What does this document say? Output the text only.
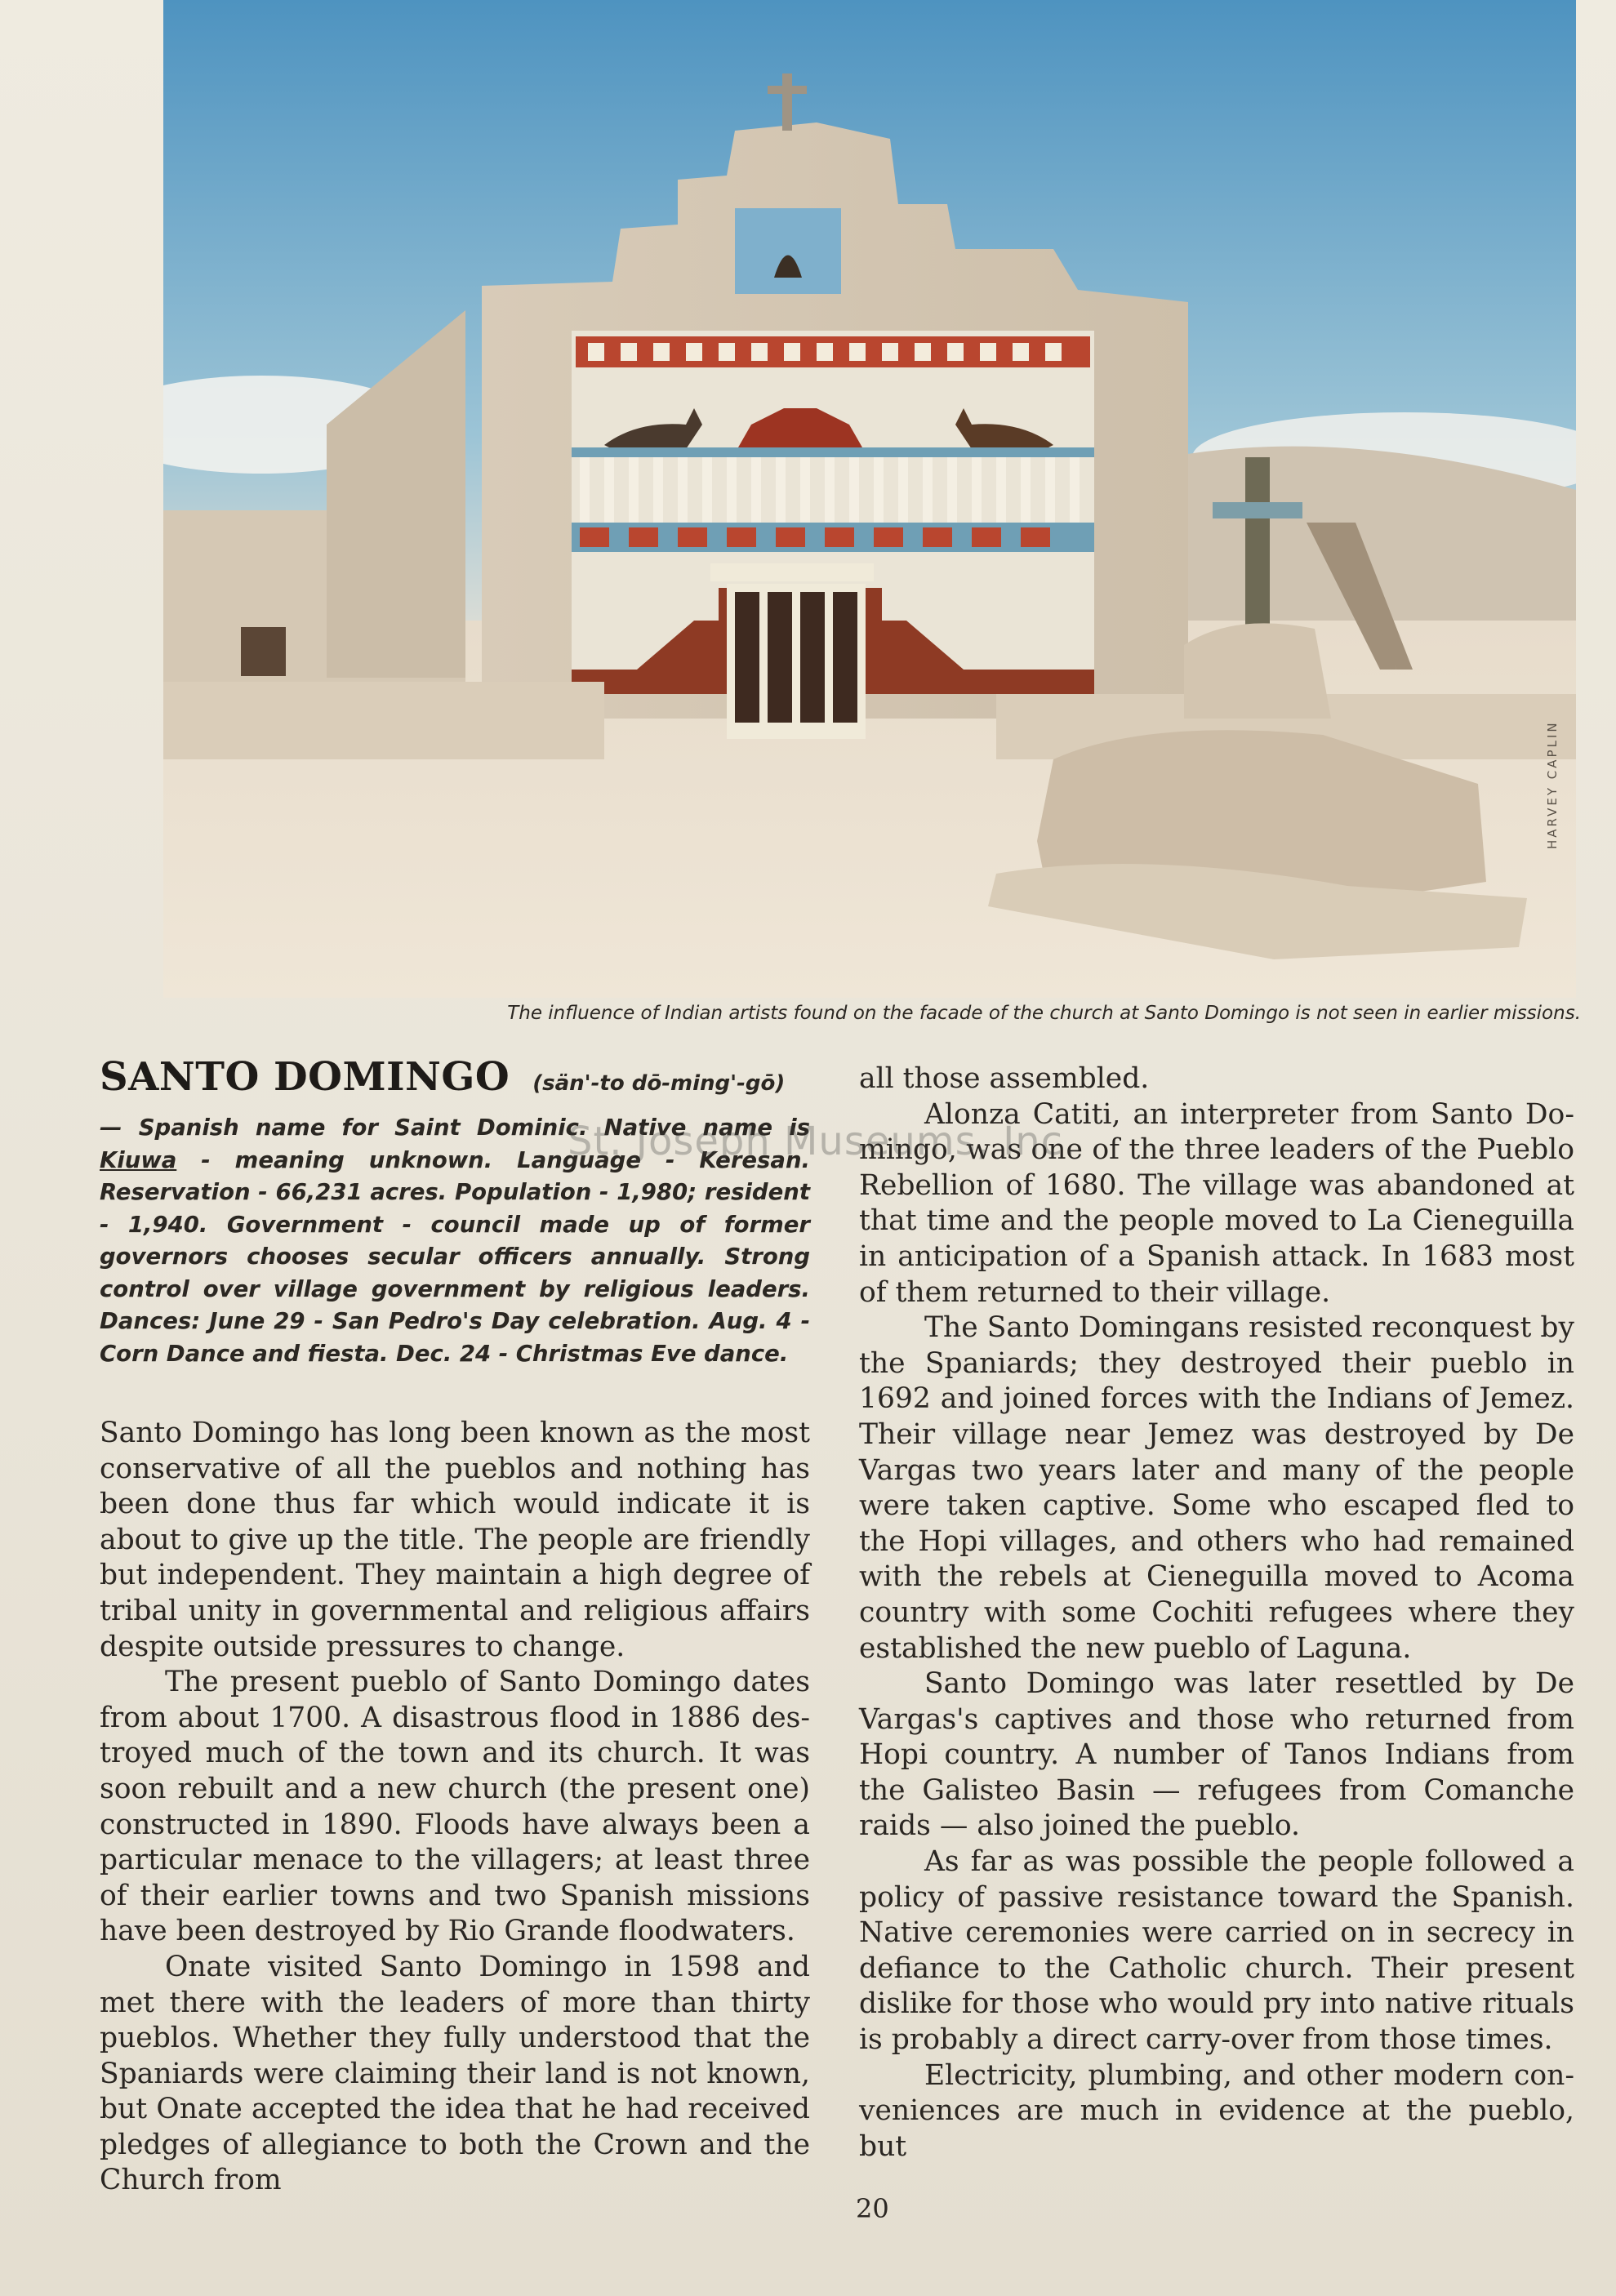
HARVEY CAPLIN
The influence of Indian artists found on the facade of the church at Santo Domingo is not seen in earlier missions.
SANTO DOMINGO (sän'-to dō-ming'-gō)

— Spanish name for Saint Dominic. Native name is Kiuwa - meaning unknown. Language - Keresan. Reservation - 66,231 acres. Population - 1,980; resident - 1,940. Government - council made up of former governors chooses secular officers annually. Strong control over village government by religious leaders. Dances: June 29 - San Pedro's Day celebration. Aug. 4 - Corn Dance and fiesta. Dec. 24 - Christmas Eve dance.

Santo Domingo has long been known as the most conservative of all the pueblos and nothing has been done thus far which would indicate it is about to give up the title. The people are friendly but independent. They maintain a high degree of tribal unity in governmental and religious affairs despite outside pressures to change.

The present pueblo of Santo Domingo dates from about 1700. A disastrous flood in 1886 destroyed much of the town and its church. It was soon rebuilt and a new church (the present one) constructed in 1890. Floods have always been a particular menace to the villagers; at least three of their earlier towns and two Spanish missions have been destroyed by Rio Grande floodwaters.

Onate visited Santo Domingo in 1598 and met there with the leaders of more than thirty pueblos. Whether they fully understood that the Spaniards were claiming their land is not known, but Onate accepted the idea that he had received pledges of allegiance to both the Crown and the Church from

all those assembled.

Alonza Catiti, an interpreter from Santo Domingo, was one of the three leaders of the Pueblo Rebellion of 1680. The village was abandoned at that time and the people moved to La Cieneguilla in anticipation of a Spanish attack. In 1683 most of them returned to their village.

The Santo Domingans resisted reconquest by the Spaniards; they destroyed their pueblo in 1692 and joined forces with the Indians of Jemez. Their village near Jemez was destroyed by De Vargas two years later and many of the people were taken captive. Some who escaped fled to the Hopi villages, and others who had remained with the rebels at Cieneguilla moved to Acoma country with some Cochiti refugees where they established the new pueblo of Laguna.

Santo Domingo was later resettled by De Vargas's captives and those who returned from Hopi country. A number of Tanos Indians from the Galisteo Basin — refugees from Comanche raids — also joined the pueblo.

As far as was possible the people followed a policy of passive resistance toward the Spanish. Native ceremonies were carried on in secrecy in defiance to the Catholic church. Their present dislike for those who would pry into native rituals is probably a direct carry-over from those times.

Electricity, plumbing, and other modern conveniences are much in evidence at the pueblo, but

St. Joseph Museums, Inc.
20
